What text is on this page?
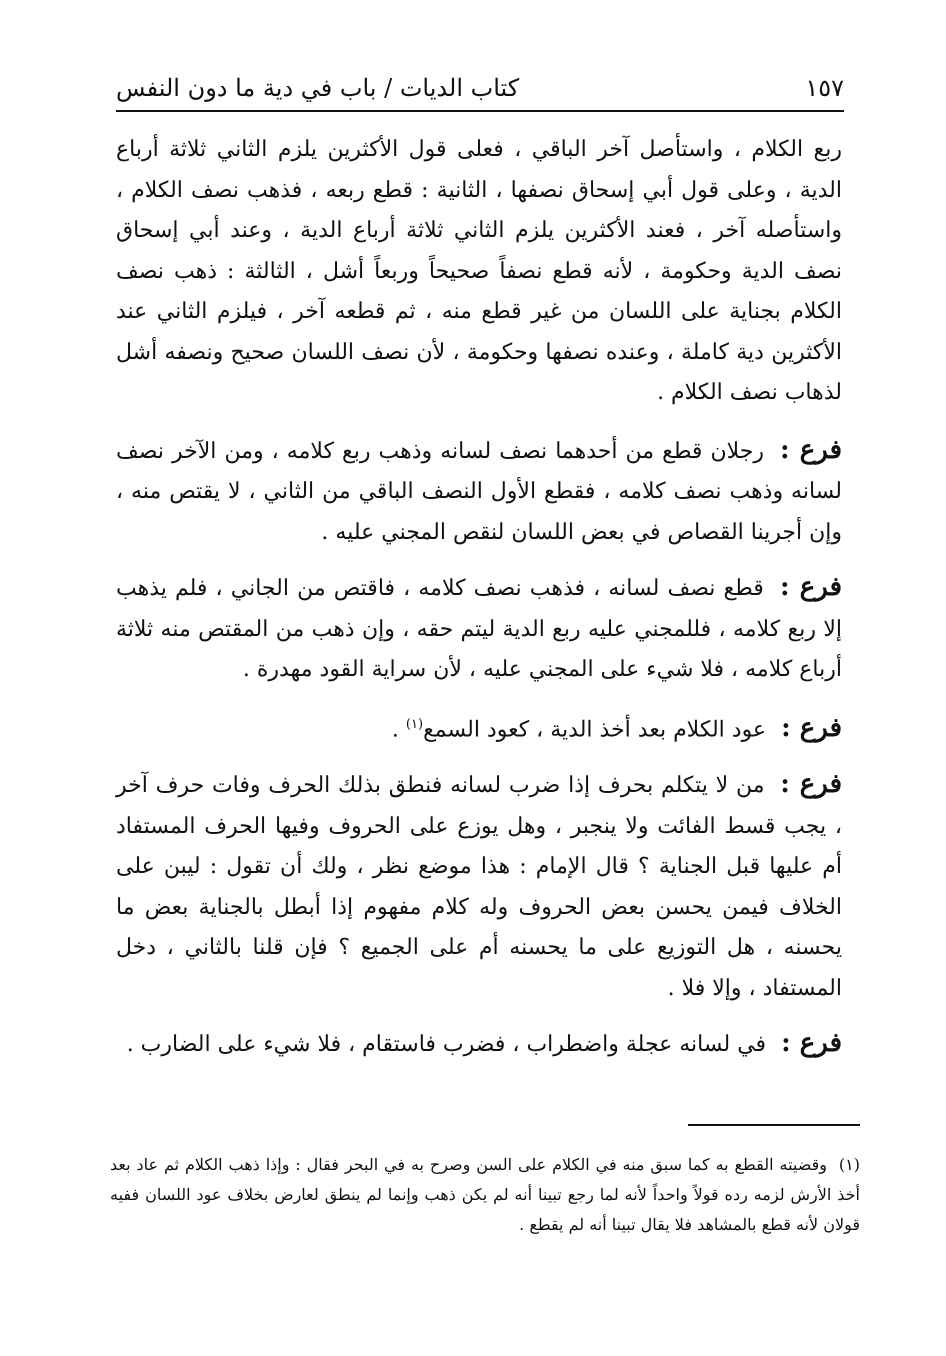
كتاب الديات / باب في دية ما دون النفس	١٥٧

ربع الكلام ، واستأصل آخر الباقي ، فعلى قول الأكثرين يلزم الثاني ثلاثة أرباع الدية ، وعلى قول أبي إسحاق نصفها ، الثانية : قطع ربعه ، فذهب نصف الكلام ، واستأصله آخر ، فعند الأكثرين يلزم الثاني ثلاثة أرباع الدية ، وعند أبي إسحاق نصف الدية وحكومة ، لأنه قطع نصفاً صحيحاً وربعاً أشل ، الثالثة : ذهب نصف الكلام بجناية على اللسان من غير قطع منه ، ثم قطعه آخر ، فيلزم الثاني عند الأكثرين دية كاملة ، وعنده نصفها وحكومة ، لأن نصف اللسان صحيح ونصفه أشل لذهاب نصف الكلام .

فرع : رجلان قطع من أحدهما نصف لسانه وذهب ربع كلامه ، ومن الآخر نصف لسانه وذهب نصف كلامه ، فقطع الأول النصف الباقي من الثاني ، لا يقتص منه ، وإن أجرينا القصاص في بعض اللسان لنقص المجني عليه .

فرع : قطع نصف لسانه ، فذهب نصف كلامه ، فاقتص من الجاني ، فلم يذهب إلا ربع كلامه ، فللمجني عليه ربع الدية ليتم حقه ، وإن ذهب من المقتص منه ثلاثة أرباع كلامه ، فلا شيء على المجني عليه ، لأن سراية القود مهدرة .

فرع : عود الكلام بعد أخذ الدية ، كعود السمع$^{(١)}$ .

فرع : من لا يتكلم بحرف إذا ضرب لسانه فنطق بذلك الحرف وفات حرف آخر ، يجب قسط الفائت ولا ينجبر ، وهل يوزع على الحروف وفيها الحرف المستفاد أم عليها قبل الجناية ؟ قال الإمام : هذا موضع نظر ، ولك أن تقول : ليبن على الخلاف فيمن يحسن بعض الحروف وله كلام مفهوم إذا أبطل بالجناية بعض ما يحسنه ، هل التوزيع على ما يحسنه أم على الجميع ؟ فإن قلنا بالثاني ، دخل المستفاد ، وإلا فلا .

فرع : في لسانه عجلة واضطراب ، فضرب فاستقام ، فلا شيء على الضارب .

(١) وقضيته القطع به كما سبق منه في الكلام على السن وصرح به في البحر فقال : وإذا ذهب الكلام ثم عاد بعد أخذ الأرش لزمه رده قولاً واحداً لأنه لما رجع تبينا أنه لم يكن ذهب وإنما لم ينطق لعارض بخلاف عود اللسان ففيه قولان لأنه قطع بالمشاهد فلا يقال تبينا أنه لم يقطع .
